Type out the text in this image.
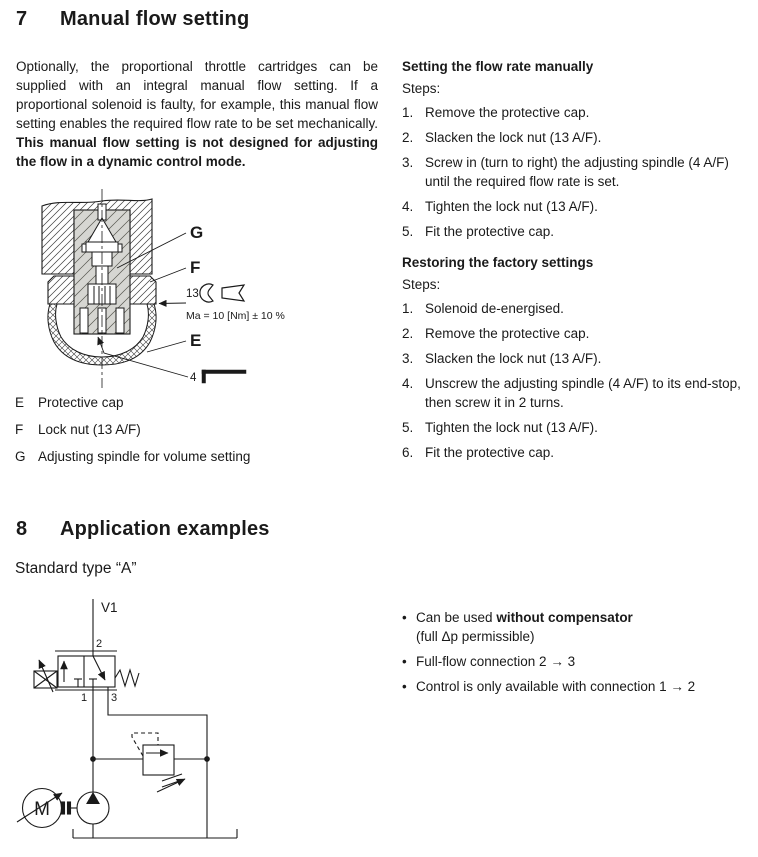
7	Manual flow setting

Optionally, the proportional throttle cartridges can be supplied with an integral manual flow setting. If a proportional solenoid is faulty, for example, this manual flow setting enables the required flow rate to be set mechanically. This manual flow setting is not designed for adjusting the flow in a dynamic control mode.

Setting the flow rate manually
Steps:
1. Remove the protective cap.
2. Slacken the lock nut (13 A/F).
3. Screw in (turn to right) the adjusting spindle (4 A/F) until the required flow rate is set.
4. Tighten the lock nut (13 A/F).
5. Fit the protective cap.
Restoring the factory settings
Steps:
1. Solenoid de-energised.
2. Remove the protective cap.
3. Slacken the lock nut (13 A/F).
4. Unscrew the adjusting spindle (4 A/F) to its end-stop, then screw it in 2 turns.
5. Tighten the lock nut (13 A/F).
6. Fit the protective cap.
G
F
13
Ma = 10 [Nm] ± 10 %
E
4
E	Protective cap
F	Lock nut (13 A/F)
G Adjusting spindle for volume setting
8	Application examples
Standard type “A”
V1
2
1 3
M
• Can be used without compensator
(full Δp permissible)
• Full-flow connection 2 → 3
• Control is only available with connection 1 → 2
